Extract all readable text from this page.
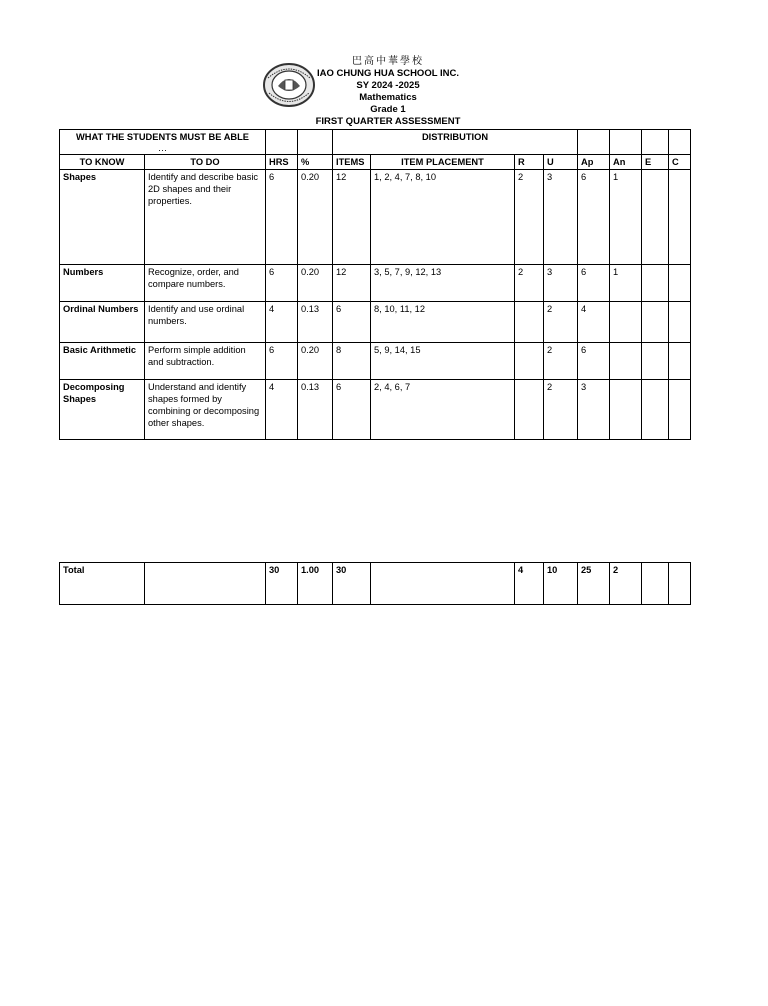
巴高中華學校
IAO CHUNG HUA SCHOOL INC.
SY 2024 -2025
Mathematics
Grade 1
FIRST QUARTER ASSESSMENT
WHAT THE STUDENTS MUST BE ABLE
…				DISTRIBUTION							
TO KNOW	TO DO	HRS	%	ITEMS	ITEM PLACEMENT	R	U	Ap	An	E	C
Shapes	Identify and describe basic 2D shapes and their properties.	6	0.20	12	1, 2, 4, 7, 8, 10	2	3	6	1		
Numbers	Recognize, order, and compare numbers.	6	0.20	12	3, 5, 7, 9, 12, 13	2	3	6	1		
Ordinal Numbers	Identify and use ordinal numbers.	4	0.13	6	8, 10, 11, 12		2	4			
Basic Arithmetic	Perform simple addition and subtraction.	6	0.20	8	5, 9, 14, 15		2	6			
Decomposing Shapes	Understand and identify shapes formed by combining or decomposing other shapes.	4	0.13	6	2, 4, 6, 7		2	3			
Total		30	1.00	30		4	10	25	2		
